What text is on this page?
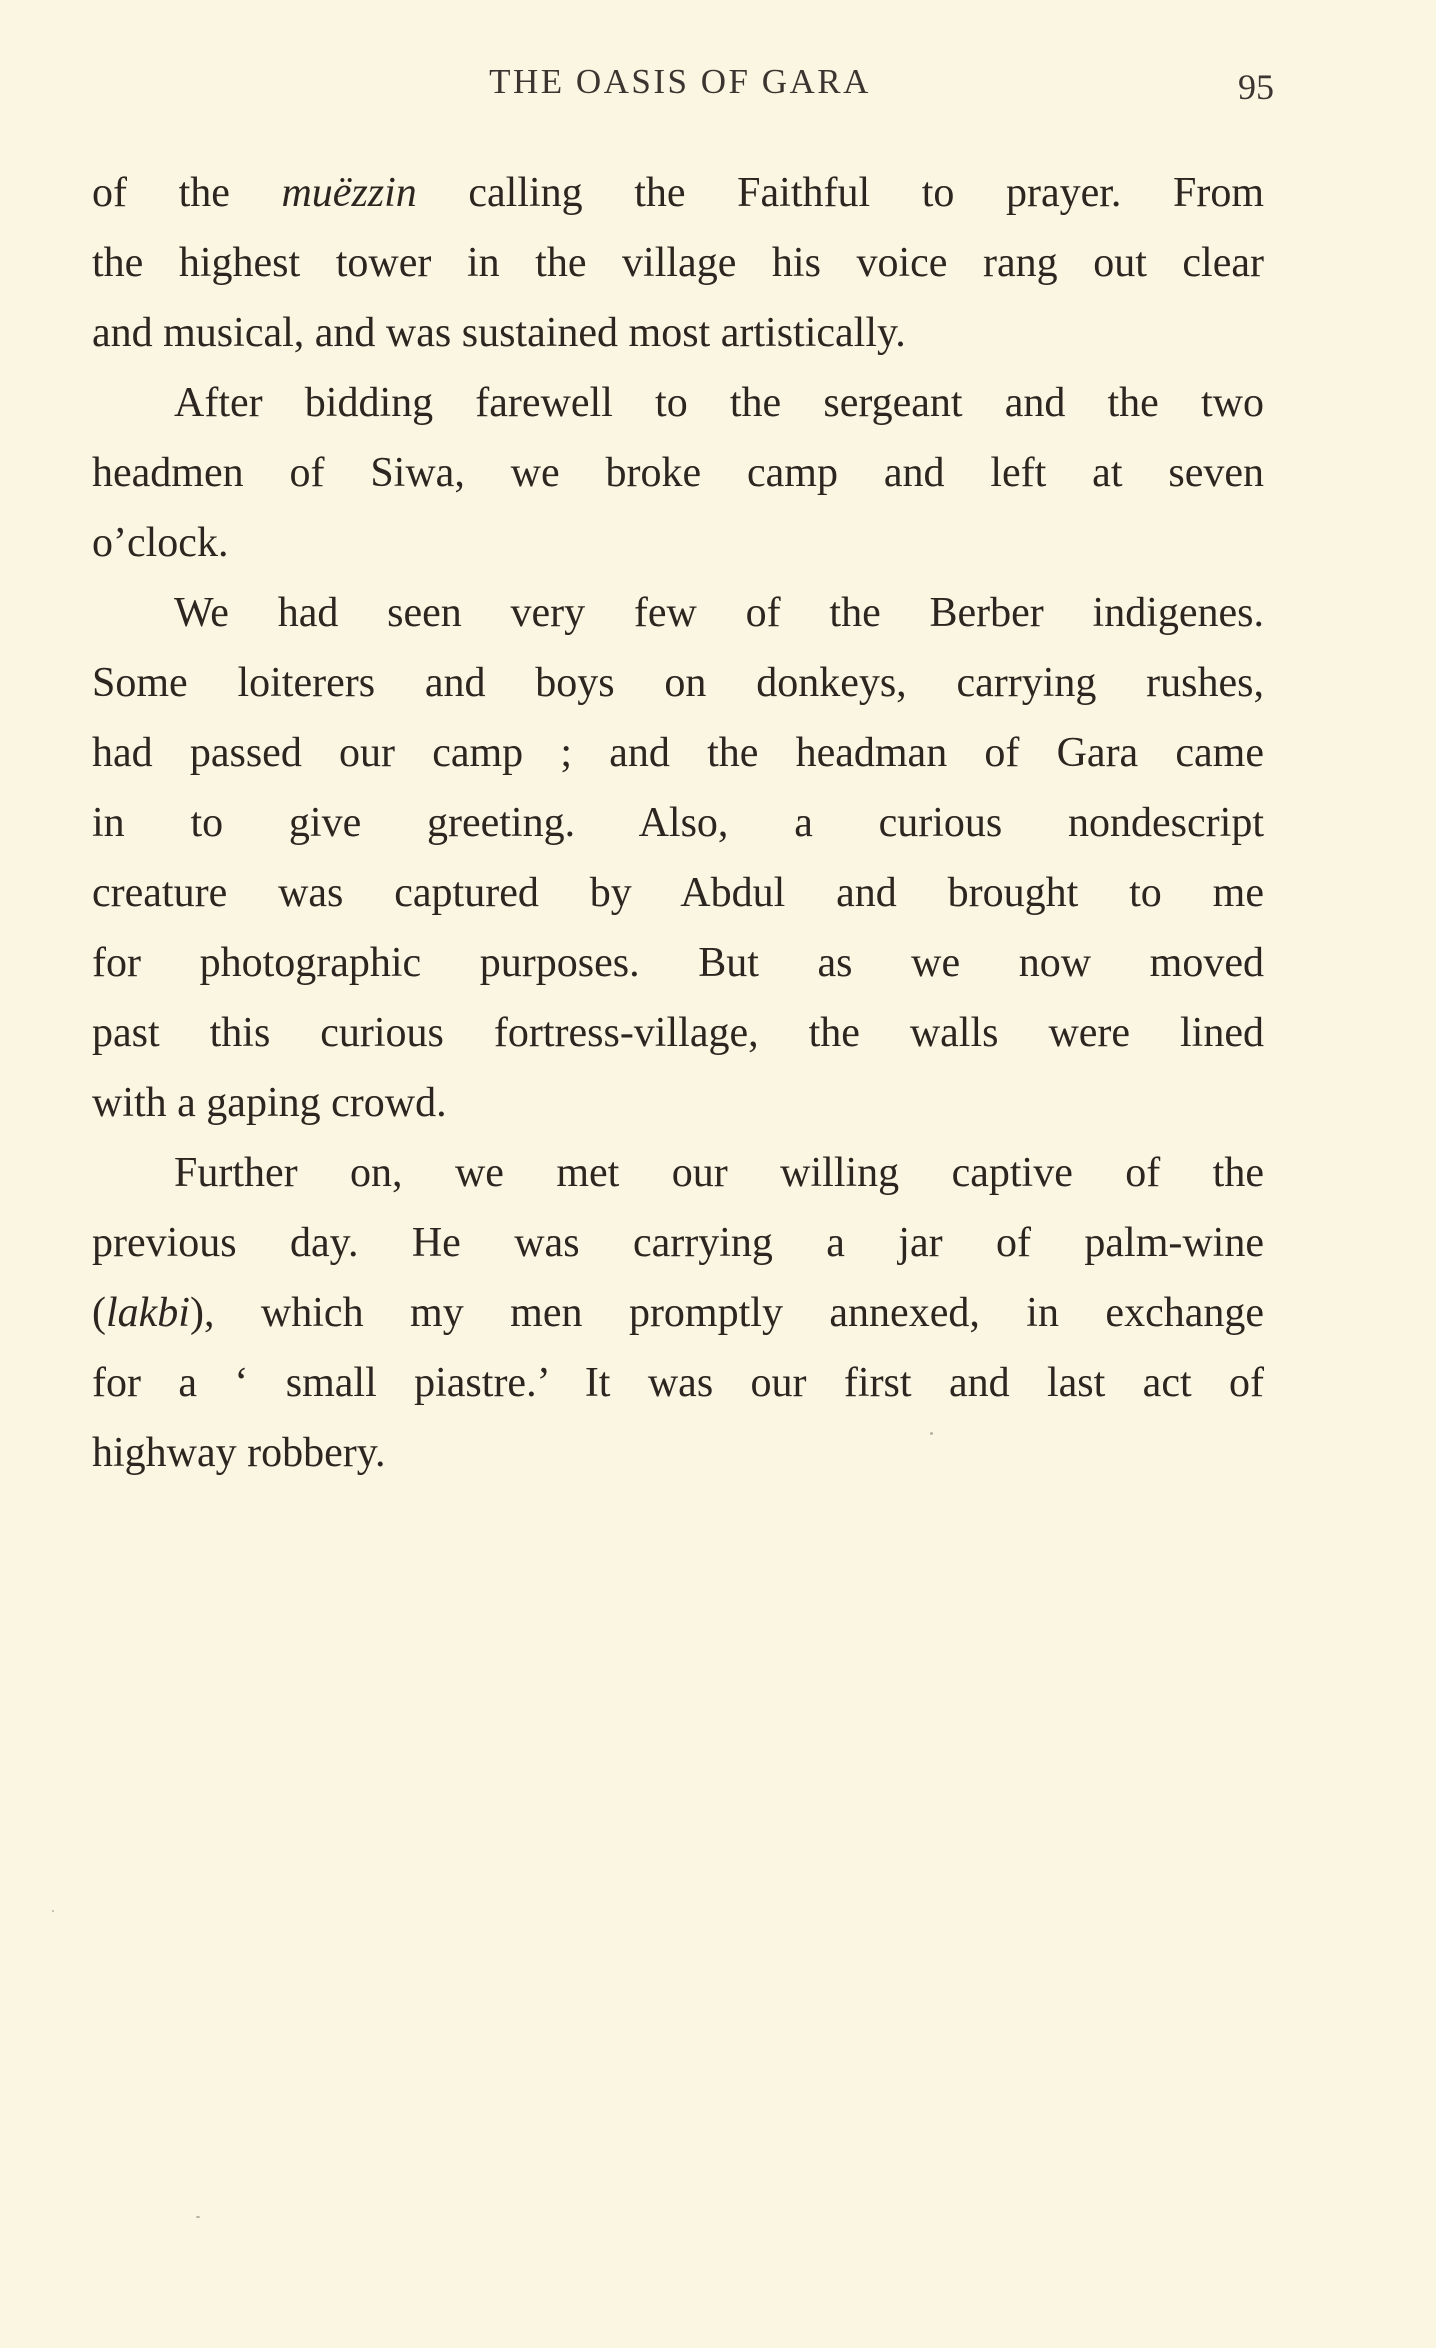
THE OASIS OF GARA	95
of the muëzzin calling the Faithful to prayer. From
the highest tower in the village his voice rang out clear
and musical, and was sustained most artistically.
After bidding farewell to the sergeant and the two
headmen of Siwa, we broke camp and left at seven
o’clock.
We had seen very few of the Berber indigenes.
Some loiterers and boys on donkeys, carrying rushes,
had passed our camp ; and the headman of Gara came
in to give greeting. Also, a curious nondescript
creature was captured by Abdul and brought to me
for photographic purposes. But as we now moved
past this curious fortress-village, the walls were lined
with a gaping crowd.
Further on, we met our willing captive of the
previous day. He was carrying a jar of palm-wine
(lakbi), which my men promptly annexed, in exchange
for a ‘ small piastre.’ It was our first and last act of
highway robbery.
